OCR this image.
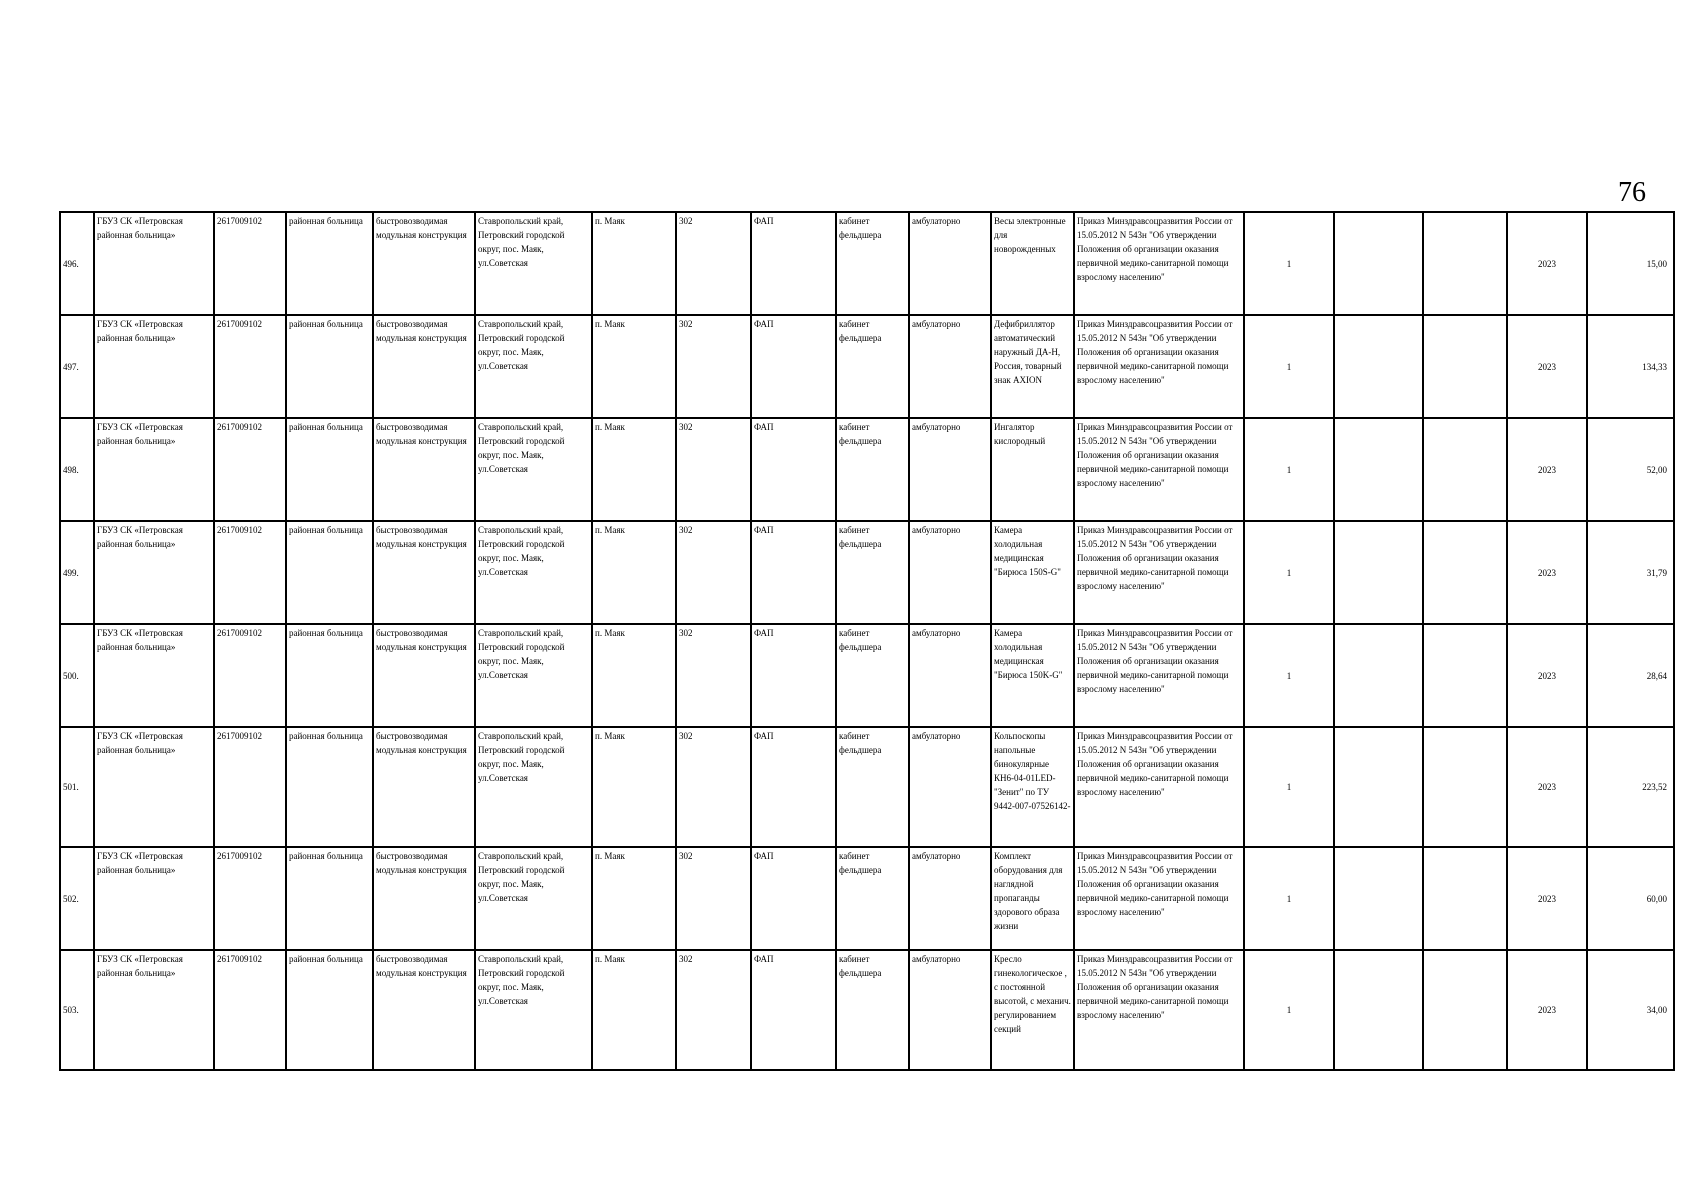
76
496.	ГБУЗ СК «Петровская районная больница»	2617009102	районная больница	быстровозводимая модульная конструкция	Ставропольский край, Петровский городской округ, пос. Маяк, ул.Советская	п. Маяк	302	ФАП	кабинет фельдшера	амбулаторно	Весы электронные для новорожденных	Приказ Минздравсоцразвития России от 15.05.2012 N 543н "Об утверждении Положения об организации оказания первичной медико-санитарной помощи взрослому населению"	1			2023	15,00
497.	ГБУЗ СК «Петровская районная больница»	2617009102	районная больница	быстровозводимая модульная конструкция	Ставропольский край, Петровский городской округ, пос. Маяк, ул.Советская	п. Маяк	302	ФАП	кабинет фельдшера	амбулаторно	Дефибриллятор автоматический наружный ДА-Н, Россия, товарный знак AXION	Приказ Минздравсоцразвития России от 15.05.2012 N 543н "Об утверждении Положения об организации оказания первичной медико-санитарной помощи взрослому населению"	1			2023	134,33
498.	ГБУЗ СК «Петровская районная больница»	2617009102	районная больница	быстровозводимая модульная конструкция	Ставропольский край, Петровский городской округ, пос. Маяк, ул.Советская	п. Маяк	302	ФАП	кабинет фельдшера	амбулаторно	Ингалятор кислородный	Приказ Минздравсоцразвития России от 15.05.2012 N 543н "Об утверждении Положения об организации оказания первичной медико-санитарной помощи взрослому населению"	1			2023	52,00
499.	ГБУЗ СК «Петровская районная больница»	2617009102	районная больница	быстровозводимая модульная конструкция	Ставропольский край, Петровский городской округ, пос. Маяк, ул.Советская	п. Маяк	302	ФАП	кабинет фельдшера	амбулаторно	Камера холодильная медицинская "Бирюса 150S-G"	Приказ Минздравсоцразвития России от 15.05.2012 N 543н "Об утверждении Положения об организации оказания первичной медико-санитарной помощи взрослому населению"	1			2023	31,79
500.	ГБУЗ СК «Петровская районная больница»	2617009102	районная больница	быстровозводимая модульная конструкция	Ставропольский край, Петровский городской округ, пос. Маяк, ул.Советская	п. Маяк	302	ФАП	кабинет фельдшера	амбулаторно	Камера холодильная медицинская "Бирюса 150K-G"	Приказ Минздравсоцразвития России от 15.05.2012 N 543н "Об утверждении Положения об организации оказания первичной медико-санитарной помощи взрослому населению"	1			2023	28,64
501.	ГБУЗ СК «Петровская районная больница»	2617009102	районная больница	быстровозводимая модульная конструкция	Ставропольский край, Петровский городской округ, пос. Маяк, ул.Советская	п. Маяк	302	ФАП	кабинет фельдшера	амбулаторно	Кольпоскопы напольные бинокулярные КН6-04-01LED-"Зенит" по ТУ 9442-007-07526142-	Приказ Минздравсоцразвития России от 15.05.2012 N 543н "Об утверждении Положения об организации оказания первичной медико-санитарной помощи взрослому населению"	1			2023	223,52
502.	ГБУЗ СК «Петровская районная больница»	2617009102	районная больница	быстровозводимая модульная конструкция	Ставропольский край, Петровский городской округ, пос. Маяк, ул.Советская	п. Маяк	302	ФАП	кабинет фельдшера	амбулаторно	Комплект оборудования для наглядной пропаганды здорового образа жизни	Приказ Минздравсоцразвития России от 15.05.2012 N 543н "Об утверждении Положения об организации оказания первичной медико-санитарной помощи взрослому населению"	1			2023	60,00
503.	ГБУЗ СК «Петровская районная больница»	2617009102	районная больница	быстровозводимая модульная конструкция	Ставропольский край, Петровский городской округ, пос. Маяк, ул.Советская	п. Маяк	302	ФАП	кабинет фельдшера	амбулаторно	Кресло гинекологическое , с постоянной высотой, с механич. регулированием секций	Приказ Минздравсоцразвития России от 15.05.2012 N 543н "Об утверждении Положения об организации оказания первичной медико-санитарной помощи взрослому населению"	1			2023	34,00
